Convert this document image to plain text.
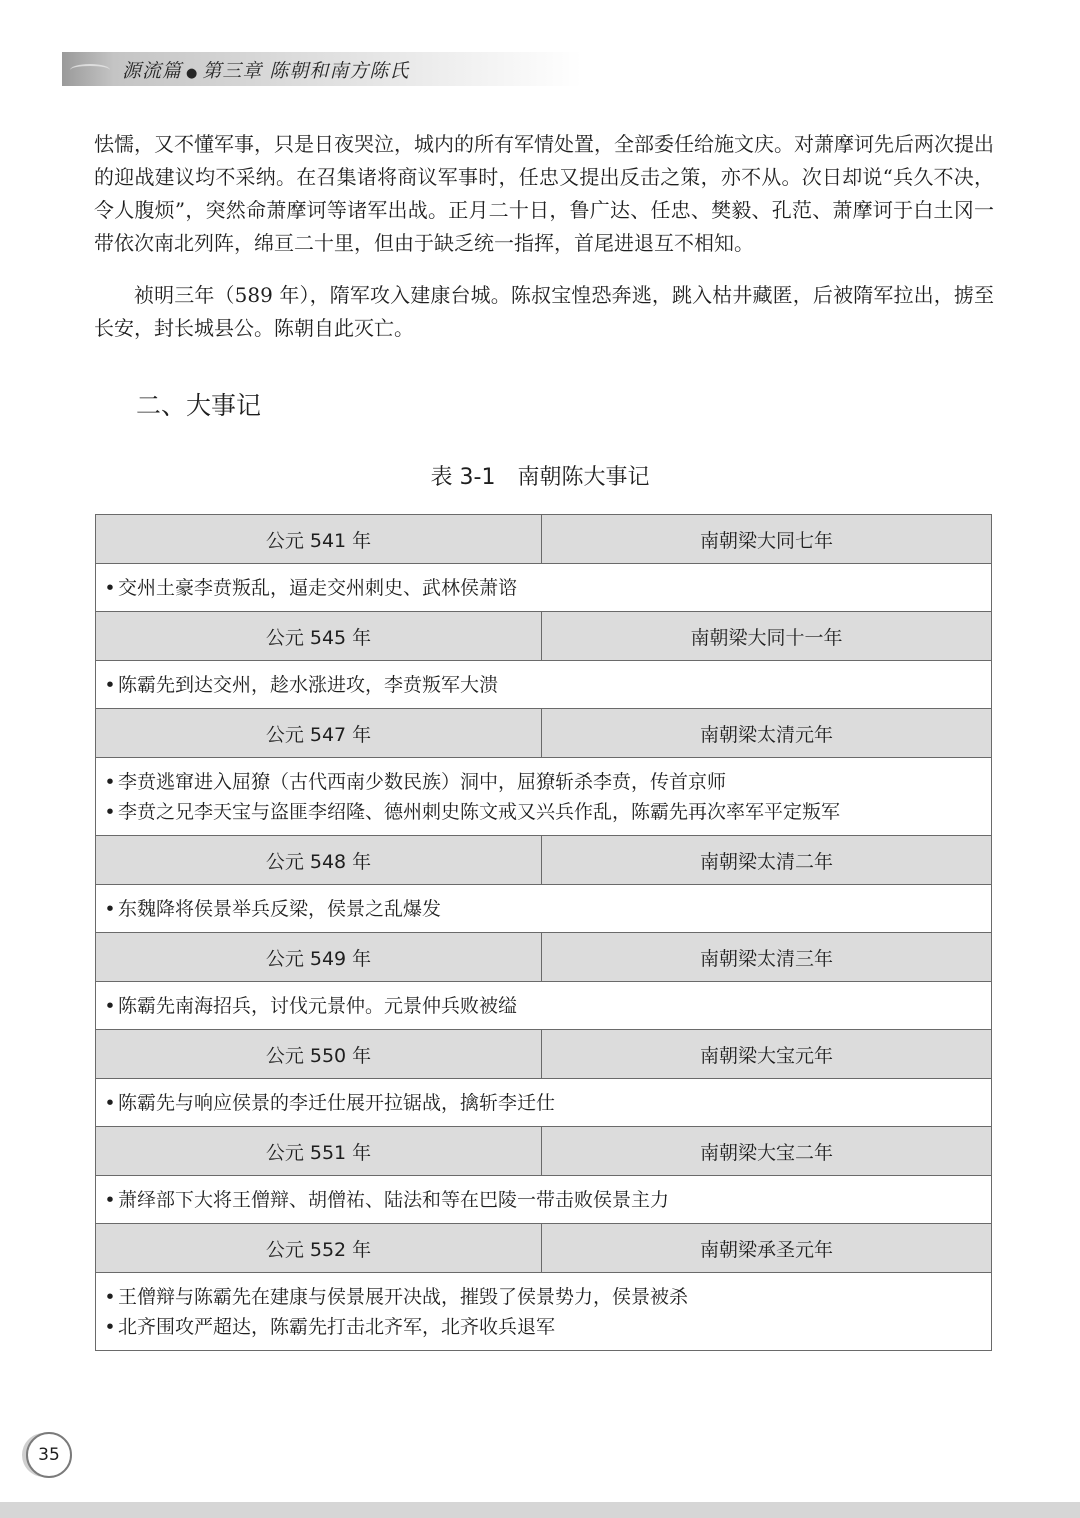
源流篇 ● 第三章 陈朝和南方陈氏

怯懦，又不懂军事，只是日夜哭泣，城内的所有军情处置，全部委任给施文庆。对萧摩诃先后两次提出的迎战建议均不采纳。在召集诸将商议军事时，任忠又提出反击之策，亦不从。次日却说“兵久不决，令人腹烦”，突然命萧摩诃等诸军出战。正月二十日，鲁广达、任忠、樊毅、孔范、萧摩诃于白土冈一带依次南北列阵，绵亘二十里，但由于缺乏统一指挥，首尾进退互不相知。

祯明三年（589 年），隋军攻入建康台城。陈叔宝惶恐奔逃，跳入枯井藏匿，后被隋军拉出，掳至长安，封长城县公。陈朝自此灭亡。

二、大事记
表 3-1 南朝陈大事记
公元 541 年	南朝梁大同七年

• 交州土豪李贲叛乱，逼走交州刺史、武林侯萧谘	

公元 545 年	南朝梁大同十一年

• 陈霸先到达交州，趁水涨进攻，李贲叛军大溃	

公元 547 年	南朝梁太清元年

• 李贲逃窜进入屈獠（古代西南少数民族）洞中，屈獠斩杀李贲，传首京师
• 李贲之兄李天宝与盗匪李绍隆、德州刺史陈文戒又兴兵作乱，陈霸先再次率军平定叛军	

公元 548 年	南朝梁太清二年

• 东魏降将侯景举兵反梁，侯景之乱爆发	

公元 549 年	南朝梁太清三年

• 陈霸先南海招兵，讨伐元景仲。元景仲兵败被缢	

公元 550 年	南朝梁大宝元年

• 陈霸先与响应侯景的李迁仕展开拉锯战，擒斩李迁仕	

公元 551 年	南朝梁大宝二年

• 萧绎部下大将王僧辩、胡僧祐、陆法和等在巴陵一带击败侯景主力	

公元 552 年	南朝梁承圣元年

• 王僧辩与陈霸先在建康与侯景展开决战，摧毁了侯景势力，侯景被杀
• 北齐围攻严超达，陈霸先打击北齐军，北齐收兵退军	
35
